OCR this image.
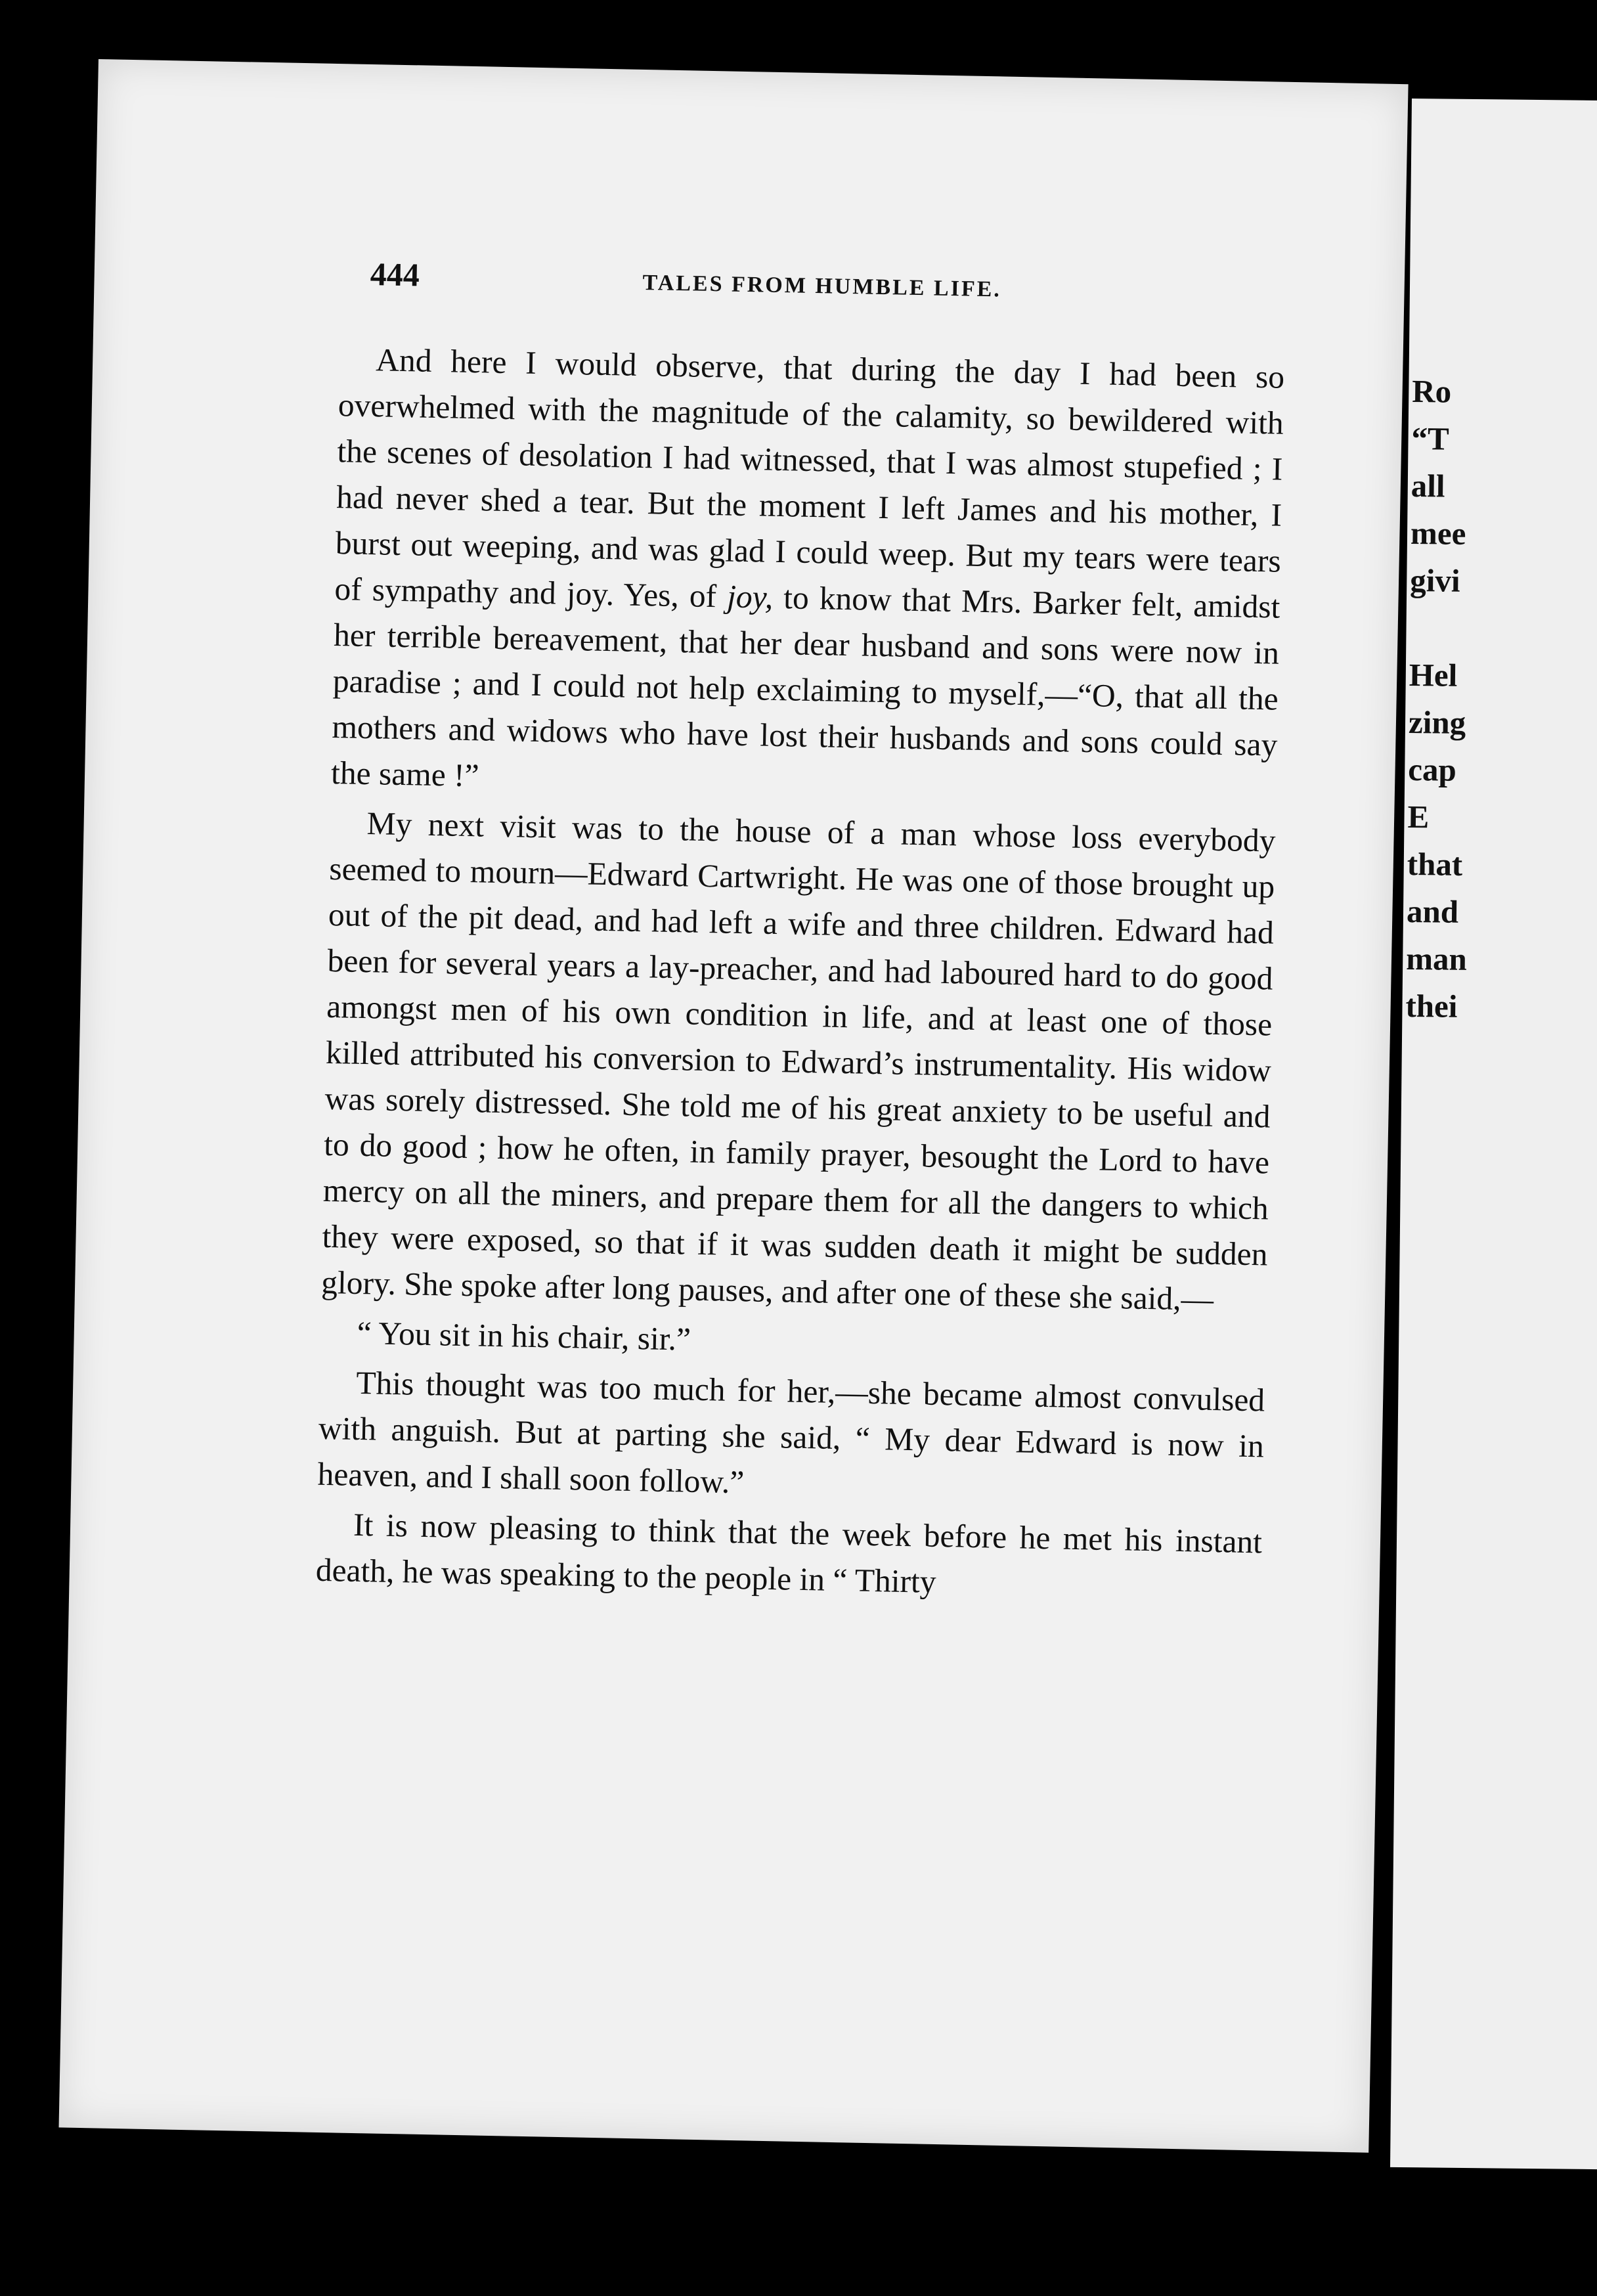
444	TALES FROM HUMBLE LIFE.

And here I would observe, that during the day I had been so overwhelmed with the magnitude of the calamity, so bewildered with the scenes of desolation I had witnessed, that I was almost stupefied ; I had never shed a tear. But the moment I left James and his mother, I burst out weeping, and was glad I could weep. But my tears were tears of sympathy and joy. Yes, of joy, to know that Mrs. Barker felt, amidst her terrible bereavement, that her dear husband and sons were now in paradise ; and I could not help exclaiming to myself,—“O, that all the mothers and widows who have lost their husbands and sons could say the same !”

My next visit was to the house of a man whose loss everybody seemed to mourn—Edward Cartwright. He was one of those brought up out of the pit dead, and had left a wife and three children. Edward had been for several years a lay-preacher, and had laboured hard to do good amongst men of his own condition in life, and at least one of those killed attributed his conversion to Edward’s instrumentality. His widow was sorely distressed. She told me of his great anxiety to be useful and to do good ; how he often, in family prayer, besought the Lord to have mercy on all the miners, and prepare them for all the dangers to which they were exposed, so that if it was sudden death it might be sudden glory. She spoke after long pauses, and after one of these she said,—

“ You sit in his chair, sir.”

This thought was too much for her,—she became almost convulsed with anguish. But at parting she said, “ My dear Edward is now in heaven, and I shall soon follow.”

It is now pleasing to think that the week before he met his instant death, he was speaking to the people in “ Thirty

Ro
“T
all
mee
givi
Hel
zing
cap
E
that
and
man
thei
